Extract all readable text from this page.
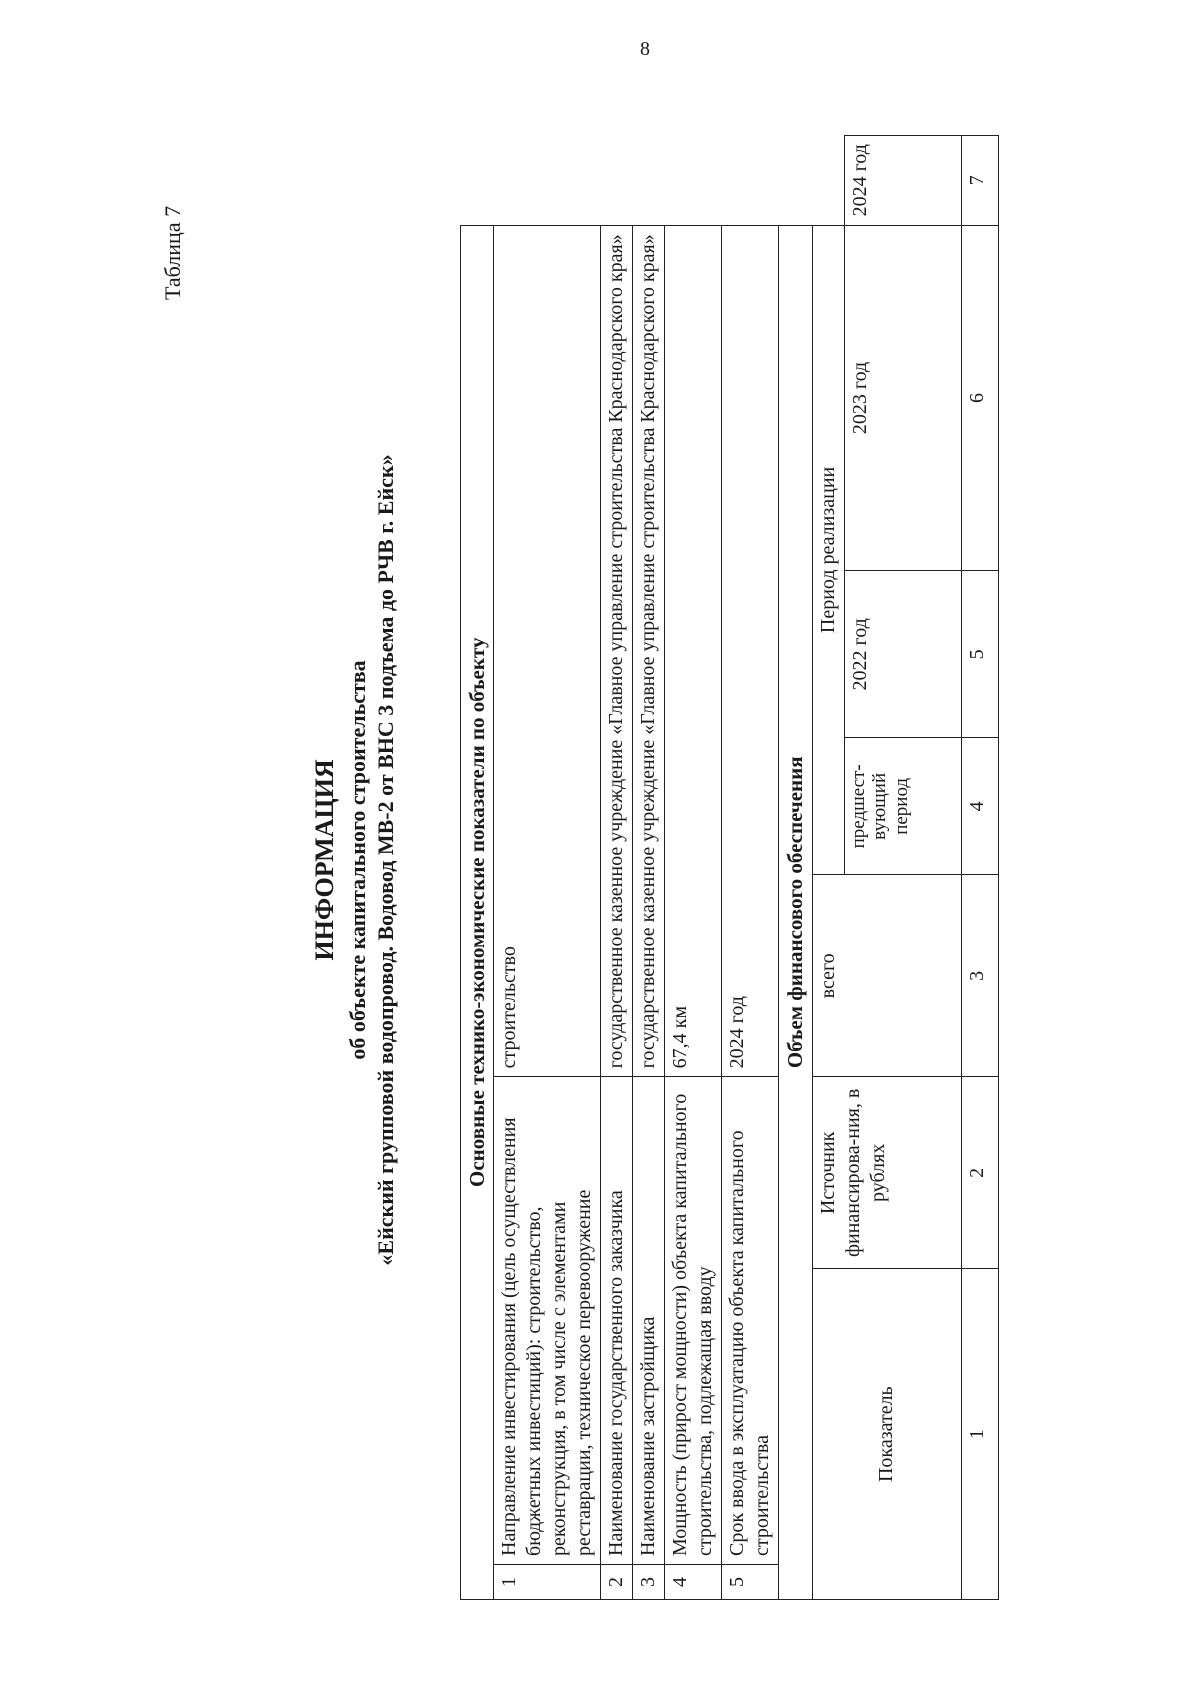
8
Таблица 7
ИНФОРМАЦИЯ об объекте капитального строительства «Ейский групповой водопровод. Водовод МВ-2 от ВНС 3 подъема до РЧВ г. Ейск»	Основные технико-экономические показатели по объекту							
1	Направление инвестирования (цель осуществления бюджетных инвестиций): строительство, реконструкция, в том числе с элементами реставрации, техническое перевооружение		строительство				
2	Наименование государственного заказчика		государственное казенное учреждение «Главное управление строительства Краснодарского края»				
3	Наименование застройщика		государственное казенное учреждение «Главное управление строительства Краснодарского края»				
4	Мощность (прирост мощности) объекта капитального строительства, подлежащая вводу		67,4 км				
5	Срок ввода в эксплуатацию объекта капитального строительства		2024 год				
Объем финансового обеспечения							
Показатель		Источник финансирова-ния, в рублях	всего	Период реализации			
				предшест-вующий период	2022 год	2023 год	2024 год
1		2	3	4	5	6	7
